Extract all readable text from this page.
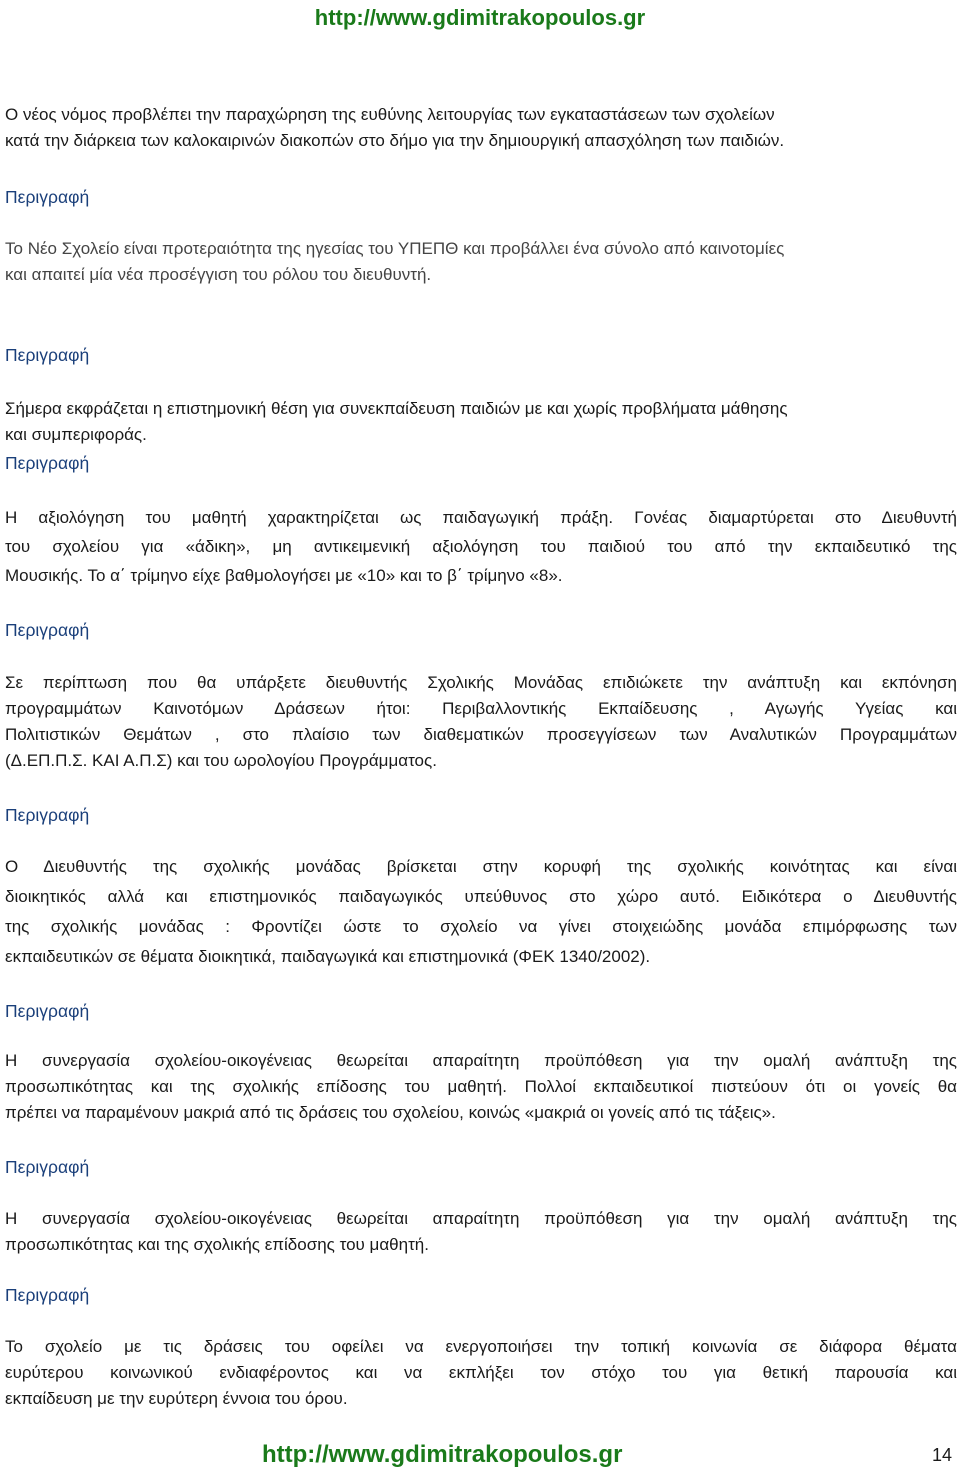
http://www.gdimitrakopoulos.gr
Ο νέος νόμος προβλέπει την παραχώρηση της ευθύνης λειτουργίας των εγκαταστάσεων των σχολείων
κατά την διάρκεια των καλοκαιρινών διακοπών στο δήμο για την δημιουργική απασχόληση των παιδιών.
Περιγραφή
Το Νέο Σχολείο είναι προτεραιότητα της ηγεσίας του ΥΠΕΠΘ και προβάλλει ένα σύνολο από καινοτομίες
και απαιτεί μία νέα προσέγγιση του ρόλου του διευθυντή.
Περιγραφή
Σήμερα εκφράζεται η επιστημονική θέση για συνεκπαίδευση παιδιών με και χωρίς προβλήματα μάθησης
και συμπεριφοράς.
Περιγραφή
Η αξιολόγηση του μαθητή χαρακτηρίζεται ως παιδαγωγική πράξη. Γονέας διαμαρτύρεται στο Διευθυντή
του σχολείου για «άδικη», μη αντικειμενική αξιολόγηση του παιδιού του από την εκπαιδευτικό της
Μουσικής. Το α΄ τρίμηνο είχε βαθμολογήσει με «10» και το β΄ τρίμηνο «8».
Περιγραφή
Σε περίπτωση που θα υπάρξετε διευθυντής Σχολικής Μονάδας επιδιώκετε την ανάπτυξη και εκπόνηση
προγραμμάτων Καινοτόμων Δράσεων ήτοι: Περιβαλλοντικής Εκπαίδευσης , Αγωγής Υγείας και
Πολιτιστικών Θεμάτων , στο πλαίσιο των διαθεματικών προσεγγίσεων των Αναλυτικών Προγραμμάτων
(Δ.ΕΠ.Π.Σ. ΚΑΙ Α.Π.Σ) και του ωρολογίου Προγράμματος.
Περιγραφή
Ο Διευθυντής της σχολικής μονάδας βρίσκεται στην κορυφή της σχολικής κοινότητας και είναι
διοικητικός αλλά και επιστημονικός παιδαγωγικός υπεύθυνος στο χώρο αυτό. Ειδικότερα ο Διευθυντής
της σχολικής μονάδας : Φροντίζει ώστε το σχολείο να γίνει στοιχειώδης μονάδα επιμόρφωσης των
εκπαιδευτικών σε θέματα διοικητικά, παιδαγωγικά και επιστημονικά (ΦΕΚ 1340/2002).
Περιγραφή
Η συνεργασία σχολείου-οικογένειας θεωρείται απαραίτητη προϋπόθεση για την ομαλή ανάπτυξη της
προσωπικότητας και της σχολικής επίδοσης του μαθητή. Πολλοί εκπαιδευτικοί πιστεύουν ότι οι γονείς θα
πρέπει να παραμένουν μακριά από τις δράσεις του σχολείου, κοινώς «μακριά οι γονείς από τις τάξεις».
Περιγραφή
Η συνεργασία σχολείου-οικογένειας θεωρείται απαραίτητη προϋπόθεση για την ομαλή ανάπτυξη της
προσωπικότητας και της σχολικής επίδοσης του μαθητή.
Περιγραφή
Το σχολείο με τις δράσεις του οφείλει να ενεργοποιήσει την τοπική κοινωνία σε διάφορα θέματα
ευρύτερου κοινωνικού ενδιαφέροντος και να εκπλήξει τον στόχο του για θετική παρουσία και
εκπαίδευση με την ευρύτερη έννοια του όρου.
http://www.gdimitrakopoulos.gr	14
